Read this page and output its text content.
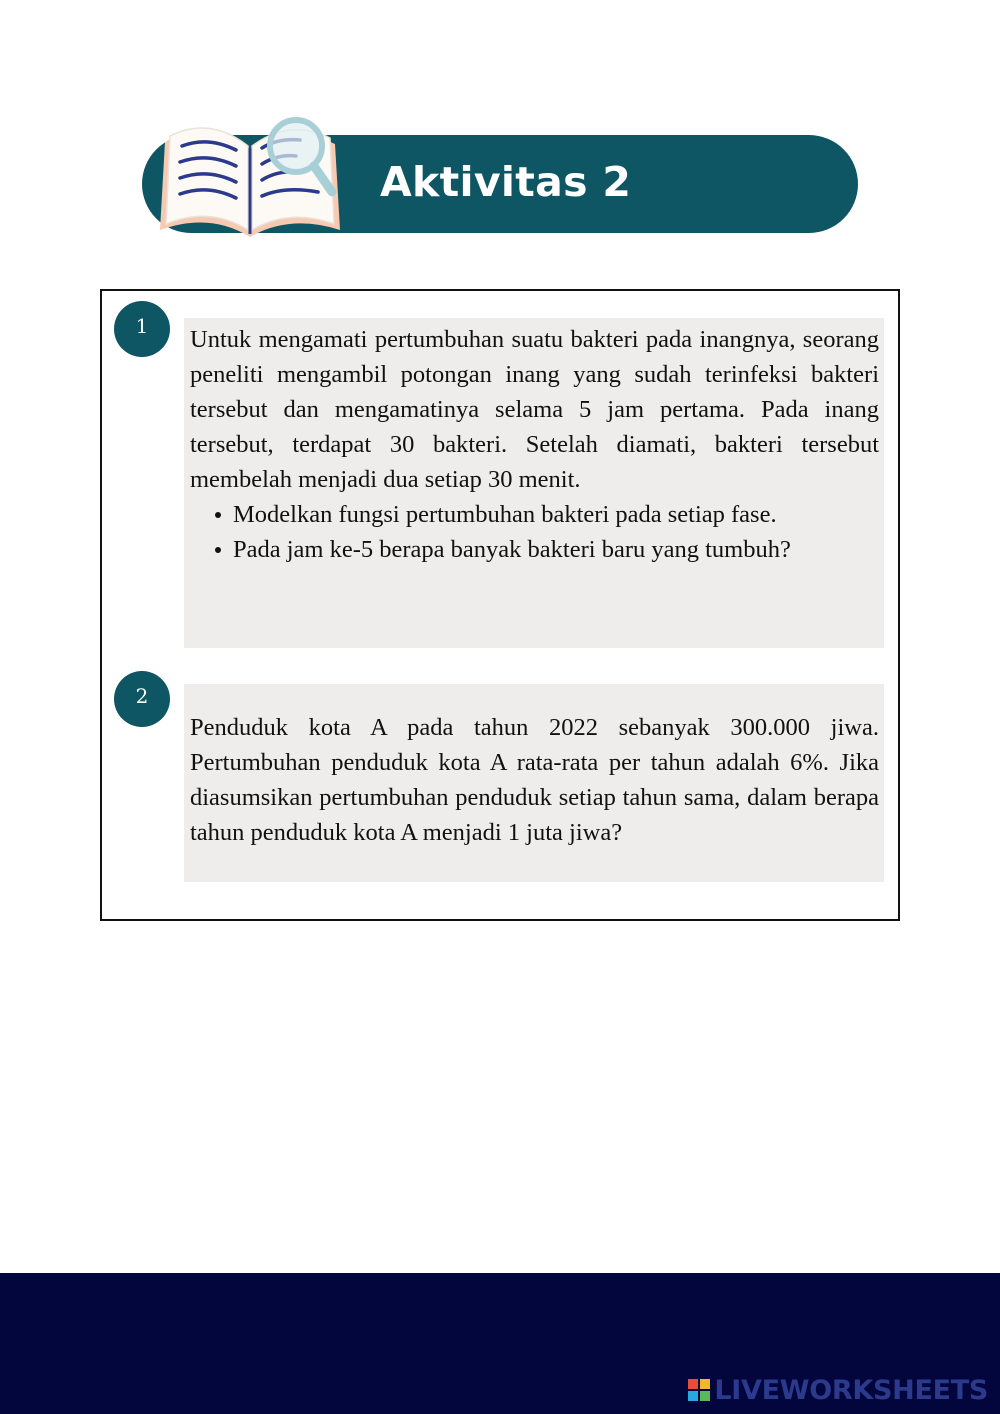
Aktivitas 2
1	Untuk mengamati pertumbuhan suatu bakteri pada inangnya, seorang peneliti mengambil potongan inang yang sudah terinfeksi bakteri tersebut dan mengamatinya selama 5 jam pertama. Pada inang tersebut, terdapat 30 bakteri. Setelah diamati, bakteri tersebut membelah menjadi dua setiap 30 menit.

Modelkan fungsi pertumbuhan bakteri pada setiap fase.
Pada jam ke-5 berapa banyak bakteri baru yang tumbuh?
2

Penduduk kota A pada tahun 2022 sebanyak 300.000 jiwa. Pertumbuhan penduduk kota A rata-rata per tahun adalah 6%. Jika diasumsikan pertumbuhan penduduk setiap tahun sama, dalam berapa tahun penduduk kota A menjadi 1 juta jiwa?

LIVEWORKSHEETS
